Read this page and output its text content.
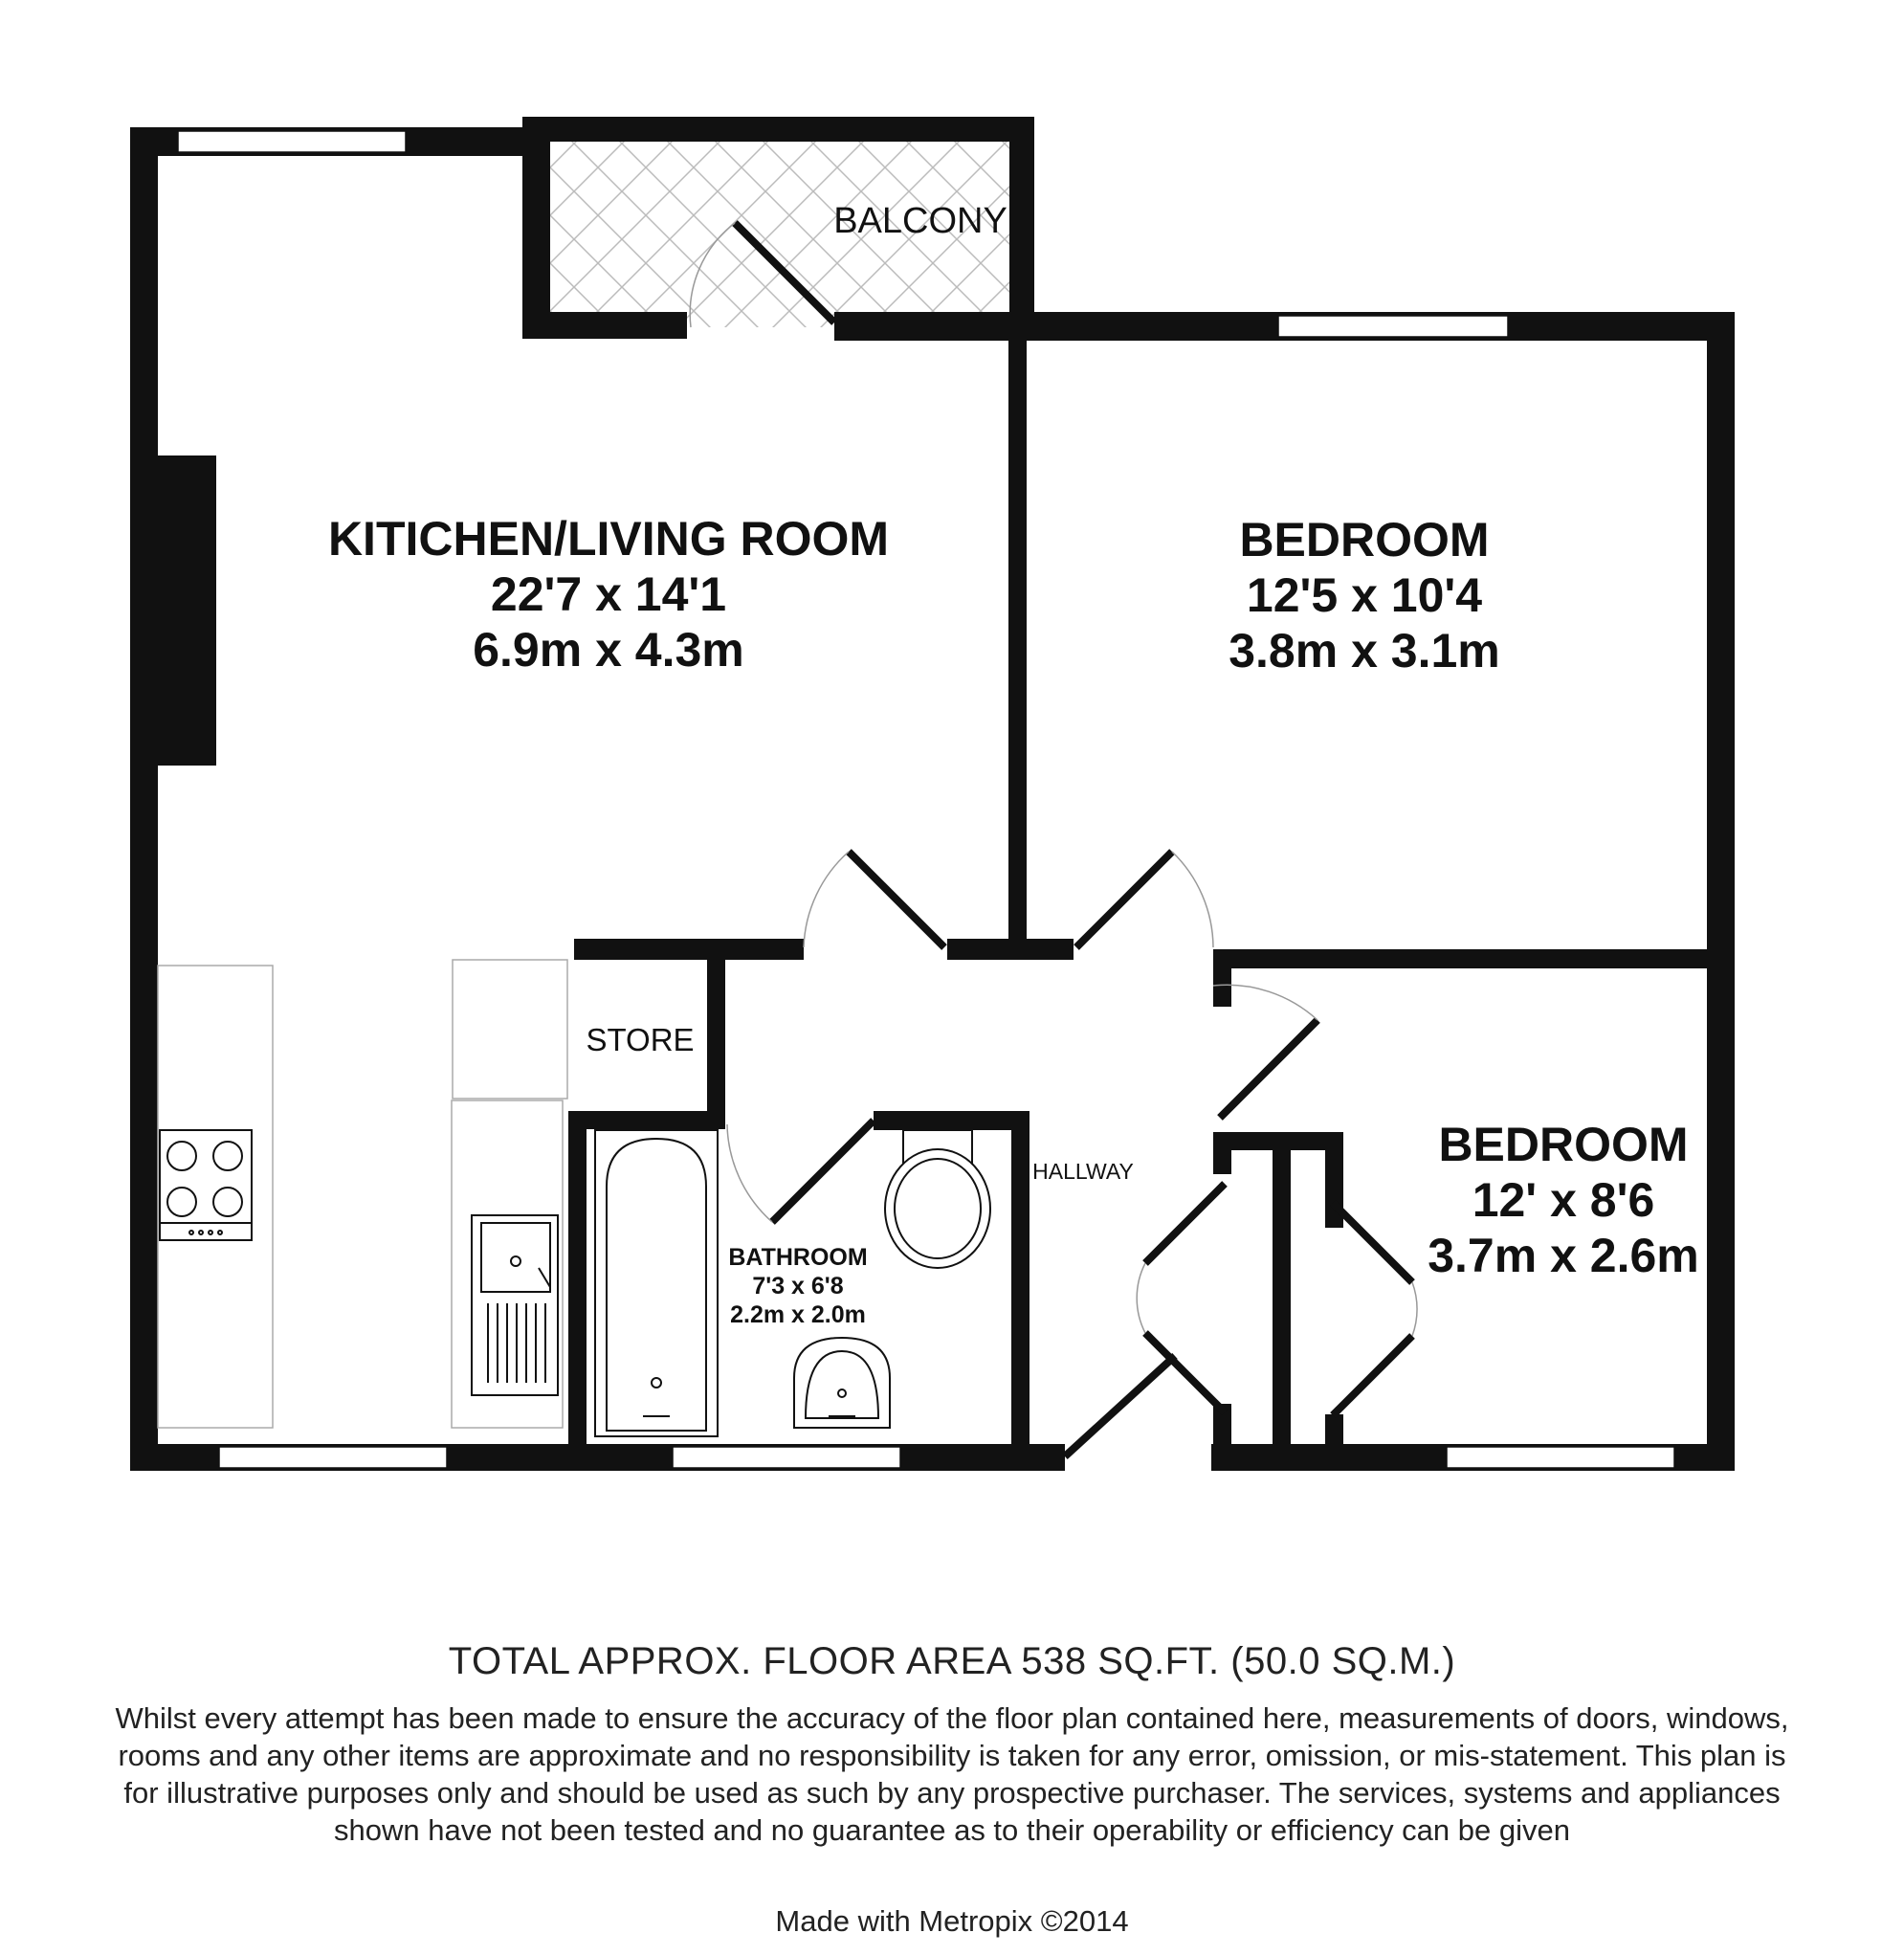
KITICHEN/LIVING ROOM
22'7 x 14'1
6.9m x 4.3m
BEDROOM
12'5 x 10'4
3.8m x 3.1m
BEDROOM
12' x 8'6
3.7m x 2.6m
BATHROOM
7'3 x 6'8
2.2m x 2.0m
BALCONY
STORE
HALLWAY
TOTAL APPROX. FLOOR AREA 538 SQ.FT. (50.0 SQ.M.)
Whilst every attempt has been made to ensure the accuracy of the floor plan contained here, measurements of doors, windows, rooms and any other items are approximate and no responsibility is taken for any error, omission, or mis-statement. This plan is for illustrative purposes only and should be used as such by any prospective purchaser. The services, systems and appliances shown have not been tested and no guarantee as to their operability or efficiency can be given
Made with Metropix ©2014
